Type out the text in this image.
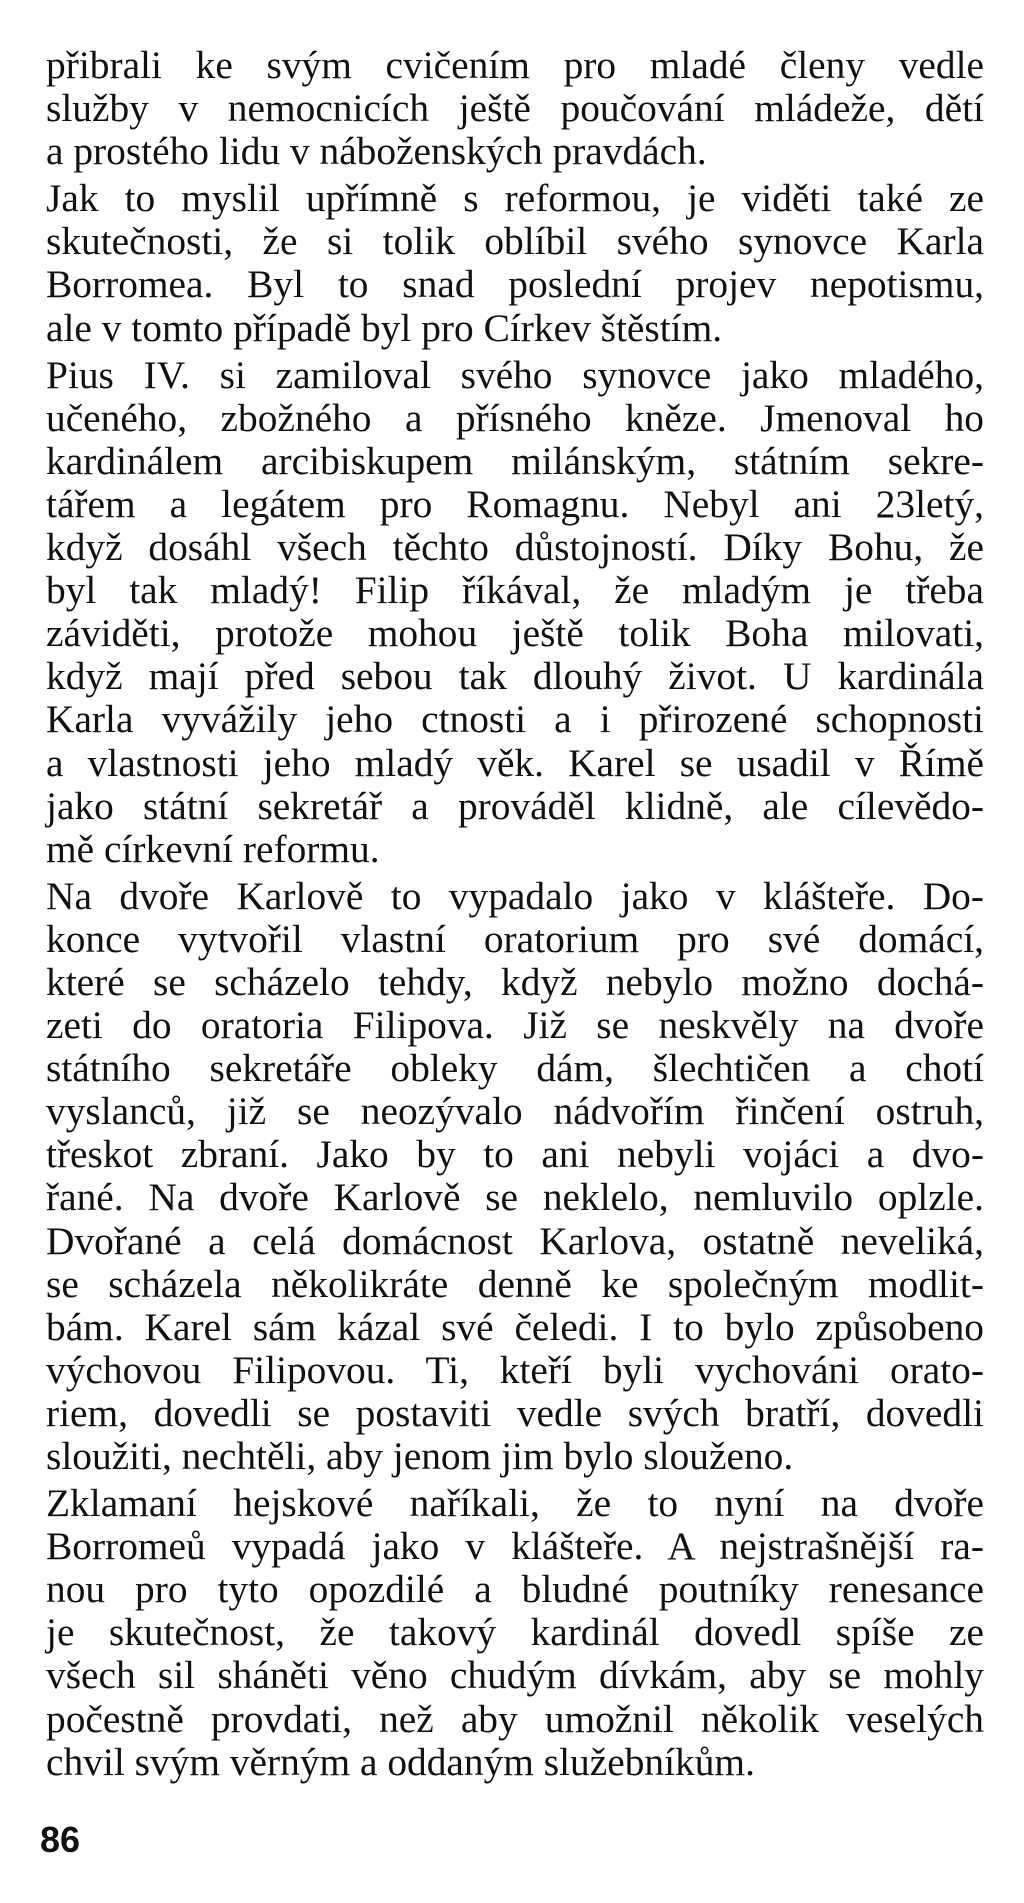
přibrali ke svým cvičením pro mladé členy vedle
služby v nemocnicích ještě poučování mládeže, dětí
a prostého lidu v náboženských pravdách.
Jak to myslil upřímně s reformou, je viděti také ze
skutečnosti, že si tolik oblíbil svého synovce Karla
Borromea. Byl to snad poslední projev nepotismu,
ale v tomto případě byl pro Církev štěstím.
Pius IV. si zamiloval svého synovce jako mladého,
učeného, zbožného a přísného kněze. Jmenoval ho
kardinálem arcibiskupem milánským, státním sekre-
tářem a legátem pro Romagnu. Nebyl ani 23letý,
když dosáhl všech těchto důstojností. Díky Bohu, že
byl tak mladý! Filip říkával, že mladým je třeba
záviděti, protože mohou ještě tolik Boha milovati,
když mají před sebou tak dlouhý život. U kardinála
Karla vyvážily jeho ctnosti a i přirozené schopnosti
a vlastnosti jeho mladý věk. Karel se usadil v Římě
jako státní sekretář a prováděl klidně, ale cílevědo-
mě církevní reformu.
Na dvoře Karlově to vypadalo jako v klášteře. Do-
konce vytvořil vlastní oratorium pro své domácí,
které se scházelo tehdy, když nebylo možno dochá-
zeti do oratoria Filipova. Již se neskvěly na dvoře
státního sekretáře obleky dám, šlechtičen a chotí
vyslanců, již se neozývalo nádvořím řinčení ostruh,
třeskot zbraní. Jako by to ani nebyli vojáci a dvo-
řané. Na dvoře Karlově se neklelo, nemluvilo oplzle.
Dvořané a celá domácnost Karlova, ostatně neveliká,
se scházela několikráte denně ke společným modlit-
bám. Karel sám kázal své čeledi. I to bylo způsobeno
výchovou Filipovou. Ti, kteří byli vychováni orato-
riem, dovedli se postaviti vedle svých bratří, dovedli
sloužiti, nechtěli, aby jenom jim bylo slouženo.
Zklamaní hejskové naříkali, že to nyní na dvoře
Borromeů vypadá jako v klášteře. A nejstrašnější ra-
nou pro tyto opozdilé a bludné poutníky renesance
je skutečnost, že takový kardinál dovedl spíše ze
všech sil sháněti věno chudým dívkám, aby se mohly
počestně provdati, než aby umožnil několik veselých
chvil svým věrným a oddaným služebníkům.
86
